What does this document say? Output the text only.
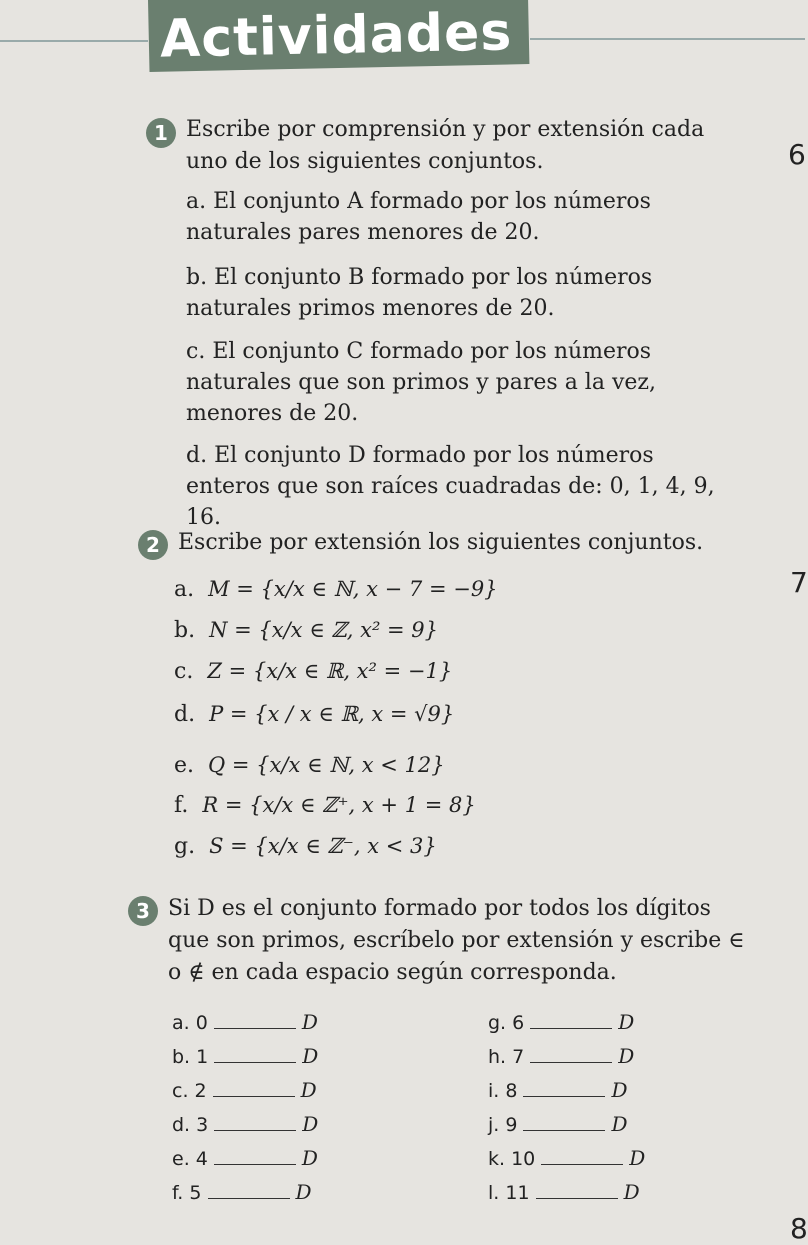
Actividades
1 Escribe por comprensión y por extensión cada uno de los siguientes conjuntos.
a. El conjunto A formado por los números naturales pares menores de 20.
b. El conjunto B formado por los números naturales primos menores de 20.
c. El conjunto C formado por los números naturales que son primos y pares a la vez, menores de 20.
d. El conjunto D formado por los números enteros que son raíces cuadradas de: 0, 1, 4, 9, 16.
2 Escribe por extensión los siguientes conjuntos.
a. M = {x/x ∈ ℕ, x − 7 = −9}
b. N = {x/x ∈ ℤ, x² = 9}
c. Z = {x/x ∈ ℝ, x² = −1}
d. P = {x / x ∈ ℝ, x = √9}
e. Q = {x/x ∈ ℕ, x < 12}
f. R = {x/x ∈ ℤ⁺, x + 1 = 8}
g. S = {x/x ∈ ℤ⁻, x < 3}
3 Si D es el conjunto formado por todos los dígitos que son primos, escríbelo por extensión y escribe ∈ o ∉ en cada espacio según corresponda.
a. 0	D
b. 1	D
c. 2	D
d. 3	D
e. 4	D
f. 5	D
g. 6	D
h. 7	D
i. 8	D
j. 9	D
k. 10	D
l. 11	D
6
7
8
